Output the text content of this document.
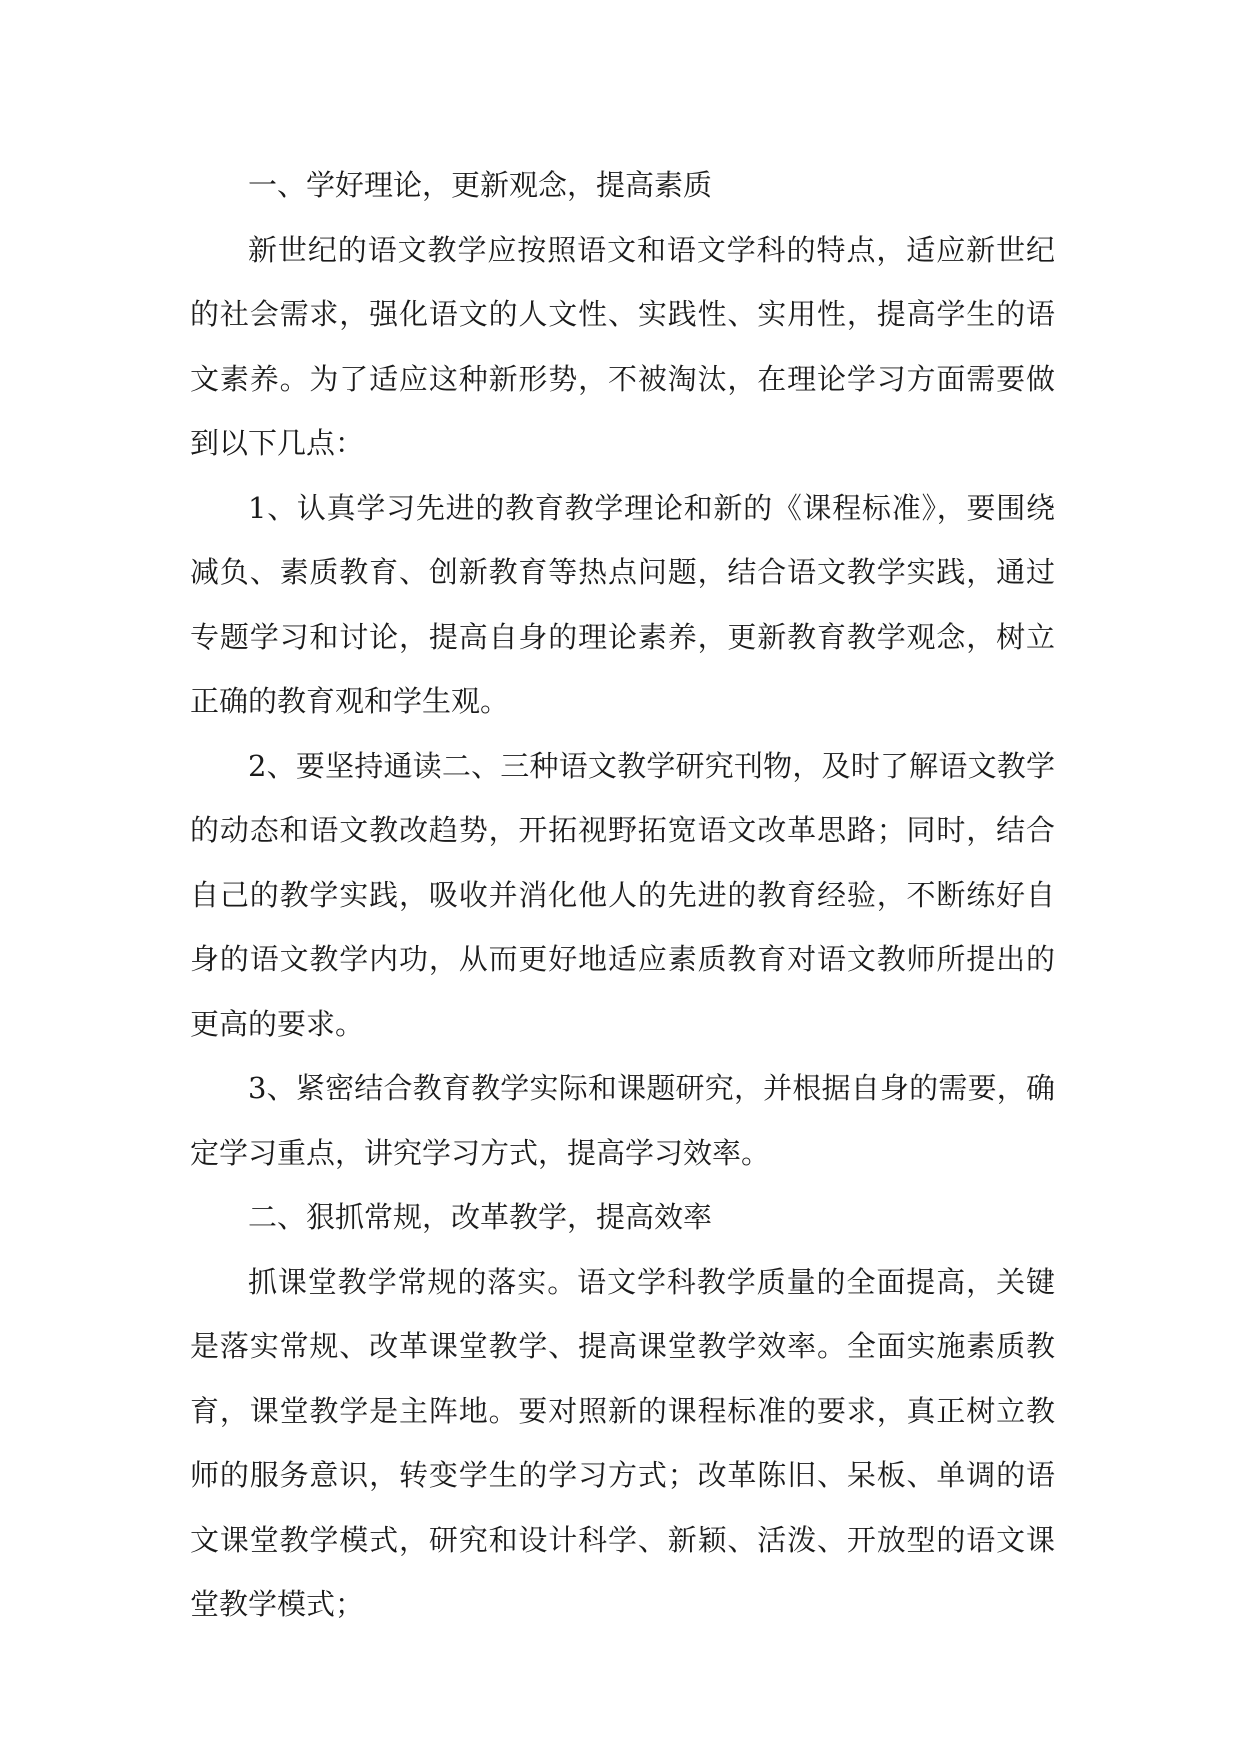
一、学好理论，更新观念，提高素质

新世纪的语文教学应按照语文和语文学科的特点，适应新世纪的社会需求，强化语文的人文性、实践性、实用性，提高学生的语文素养。为了适应这种新形势，不被淘汰，在理论学习方面需要做到以下几点：

1、认真学习先进的教育教学理论和新的《课程标准》，要围绕减负、素质教育、创新教育等热点问题，结合语文教学实践，通过专题学习和讨论，提高自身的理论素养，更新教育教学观念，树立正确的教育观和学生观。

2、要坚持通读二、三种语文教学研究刊物，及时了解语文教学的动态和语文教改趋势，开拓视野拓宽语文改革思路；同时，结合自己的教学实践，吸收并消化他人的先进的教育经验，不断练好自身的语文教学内功，从而更好地适应素质教育对语文教师所提出的更高的要求。

3、紧密结合教育教学实际和课题研究，并根据自身的需要，确定学习重点，讲究学习方式，提高学习效率。

二、狠抓常规，改革教学，提高效率

抓课堂教学常规的落实。语文学科教学质量的全面提高，关键是落实常规、改革课堂教学、提高课堂教学效率。全面实施素质教育，课堂教学是主阵地。要对照新的课程标准的要求，真正树立教师的服务意识，转变学生的学习方式；改革陈旧、呆板、单调的语文课堂教学模式，研究和设计科学、新颖、活泼、开放型的语文课堂教学模式；
